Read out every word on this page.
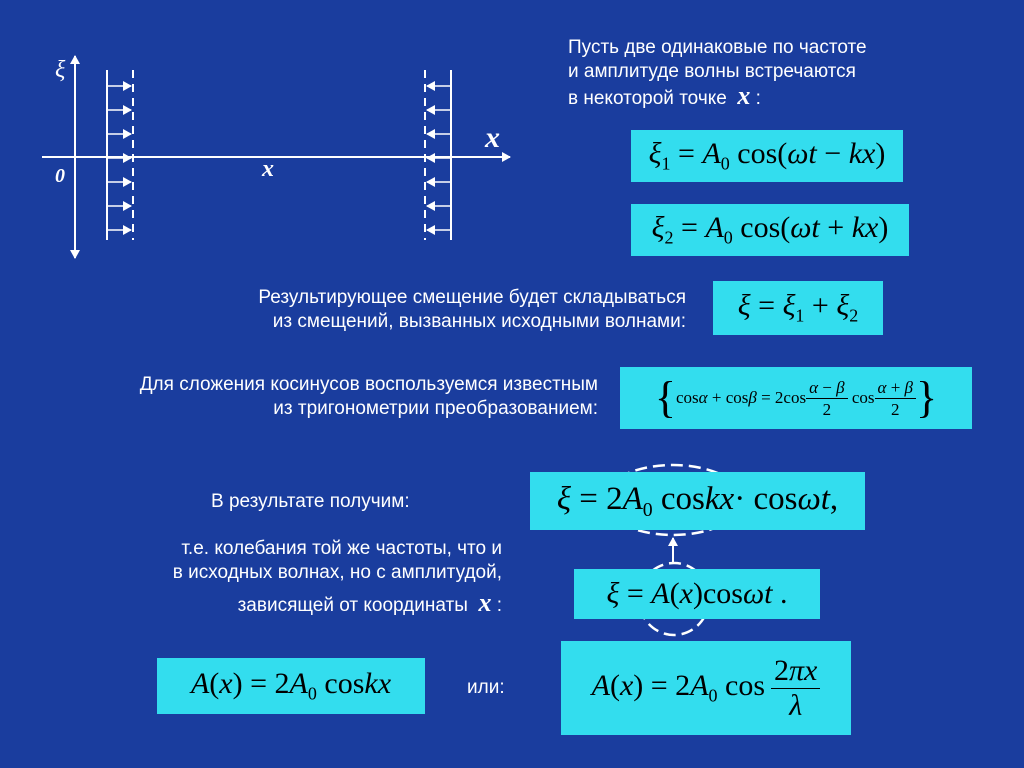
ξ
x
0	x
Пусть две одинаковые по частоте
и амплитуде волны встречаются
в некоторой точке x :
$\xi_1 = A_0$ cos(ωt − kx)
$\xi_2 = A_0$ cos(ωt + kx)
Результирующее смещение будет складываться
из смещений, вызванных исходными волнами: $\xi = \xi_1 + \xi_2$
Для сложения косинусов воспользуемся известным
из тригонометрии преобразованием: { $\cos\alpha + \cos\beta = 2\cos \frac{\alpha - \beta}{2}$ $\cos \frac{\alpha + \beta}{2}$ }
В результате получим:	$\xi = 2A_0$ coskx· cosωt,
т.е. колебания той же частоты, что и
в исходных волнах, но с амплитудой,
зависящей от координаты x :	ξ = A(x)cosωt .
$A(x) = 2A_0$ coskx	или:	$A(x) = 2A_0$ $\cos \frac{2\pi x}{\lambda}$
